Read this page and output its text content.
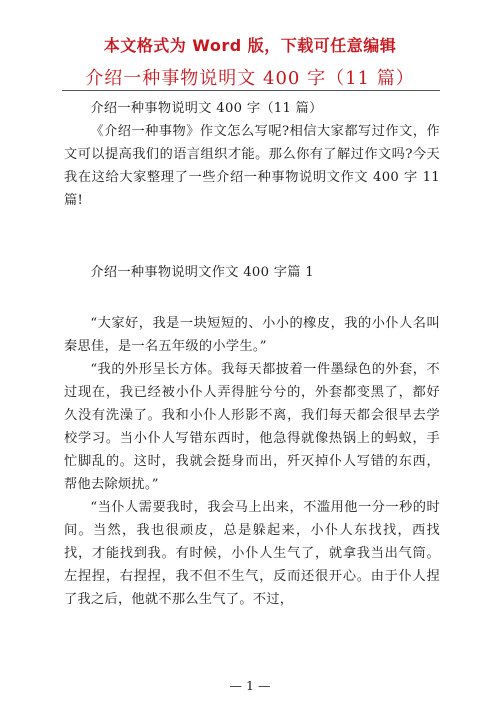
本文格式为 Word 版，下载可任意编辑
介绍一种事物说明文 400 字（11 篇）

介绍一种事物说明文 400 字（11 篇）

《介绍一种事物》作文怎么写呢?相信大家都写过作文，作文可以提高我们的语言组织才能。那么你有了解过作文吗?今天我在这给大家整理了一些介绍一种事物说明文作文 400 字 11 篇!

介绍一种事物说明文作文 400 字篇 1

“大家好，我是一块短短的、小小的橡皮，我的小仆人名叫秦思佳，是一名五年级的小学生。”

“我的外形呈长方体。我每天都披着一件墨绿色的外套，不过现在，我已经被小仆人弄得脏兮兮的，外套都变黑了，都好久没有洗澡了。我和小仆人形影不离，我们每天都会很早去学校学习。当小仆人写错东西时，他急得就像热锅上的蚂蚁，手忙脚乱的。这时，我就会挺身而出，歼灭掉仆人写错的东西，帮他去除烦扰。”

“当仆人需要我时，我会马上出来，不滥用他一分一秒的时间。当然，我也很顽皮，总是躲起来，小仆人东找找，西找找，才能找到我。有时候，小仆人生气了，就拿我当出气筒。左捏捏，右捏捏，我不但不生气，反而还很开心。由于仆人捏了我之后，他就不那么生气了。不过，

— 1 —
